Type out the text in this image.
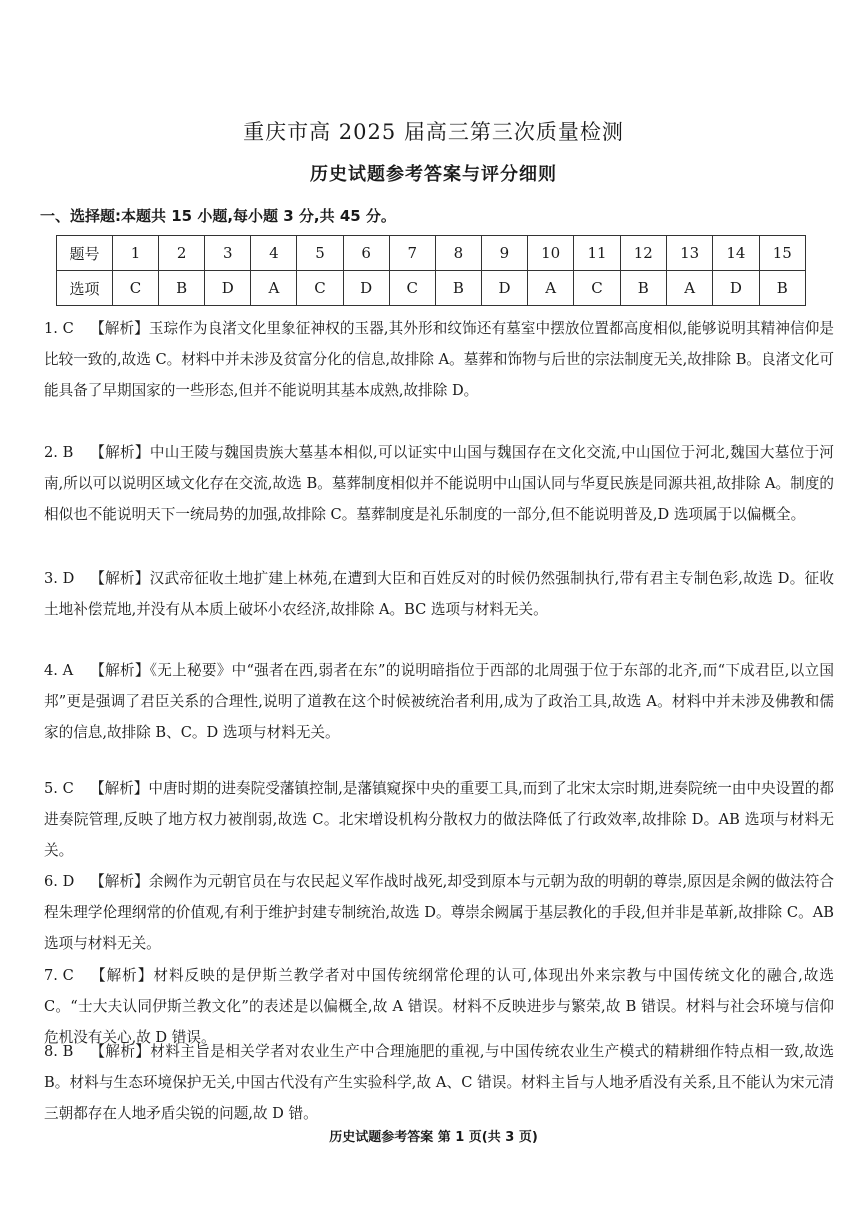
重庆市高 2025 届高三第三次质量检测
历史试题参考答案与评分细则
一、选择题:本题共 15 小题,每小题 3 分,共 45 分。
题号	1	2	3	4	5	6	7	8	9	10	11	12	13	14	15
选项	C	B	D	A	C	D	C	B	D	A	C	B	A	D	B
1. C 【解析】玉琮作为良渚文化里象征神权的玉器,其外形和纹饰还有墓室中摆放位置都高度相似,能够说明其精神信仰是比较一致的,故选 C。材料中并未涉及贫富分化的信息,故排除 A。墓葬和饰物与后世的宗法制度无关,故排除 B。良渚文化可能具备了早期国家的一些形态,但并不能说明其基本成熟,故排除 D。
2. B 【解析】中山王陵与魏国贵族大墓基本相似,可以证实中山国与魏国存在文化交流,中山国位于河北,魏国大墓位于河南,所以可以说明区域文化存在交流,故选 B。墓葬制度相似并不能说明中山国认同与华夏民族是同源共祖,故排除 A。制度的相似也不能说明天下一统局势的加强,故排除 C。墓葬制度是礼乐制度的一部分,但不能说明普及,D 选项属于以偏概全。
3. D 【解析】汉武帝征收土地扩建上林苑,在遭到大臣和百姓反对的时候仍然强制执行,带有君主专制色彩,故选 D。征收土地补偿荒地,并没有从本质上破坏小农经济,故排除 A。BC 选项与材料无关。
4. A 【解析】《无上秘要》中“强者在西,弱者在东”的说明暗指位于西部的北周强于位于东部的北齐,而“下成君臣,以立国邦”更是强调了君臣关系的合理性,说明了道教在这个时候被统治者利用,成为了政治工具,故选 A。材料中并未涉及佛教和儒家的信息,故排除 B、C。D 选项与材料无关。
5. C 【解析】中唐时期的进奏院受藩镇控制,是藩镇窥探中央的重要工具,而到了北宋太宗时期,进奏院统一由中央设置的都进奏院管理,反映了地方权力被削弱,故选 C。北宋增设机构分散权力的做法降低了行政效率,故排除 D。AB 选项与材料无关。
6. D 【解析】余阙作为元朝官员在与农民起义军作战时战死,却受到原本与元朝为敌的明朝的尊崇,原因是余阙的做法符合程朱理学伦理纲常的价值观,有利于维护封建专制统治,故选 D。尊崇余阙属于基层教化的手段,但并非是革新,故排除 C。AB 选项与材料无关。
7. C 【解析】材料反映的是伊斯兰教学者对中国传统纲常伦理的认可,体现出外来宗教与中国传统文化的融合,故选 C。“士大夫认同伊斯兰教文化”的表述是以偏概全,故 A 错误。材料不反映进步与繁荣,故 B 错误。材料与社会环境与信仰危机没有关心,故 D 错误。
8. B 【解析】材料主旨是相关学者对农业生产中合理施肥的重视,与中国传统农业生产模式的精耕细作特点相一致,故选 B。材料与生态环境保护无关,中国古代没有产生实验科学,故 A、C 错误。材料主旨与人地矛盾没有关系,且不能认为宋元清三朝都存在人地矛盾尖锐的问题,故 D 错。
历史试题参考答案 第 1 页(共 3 页)
